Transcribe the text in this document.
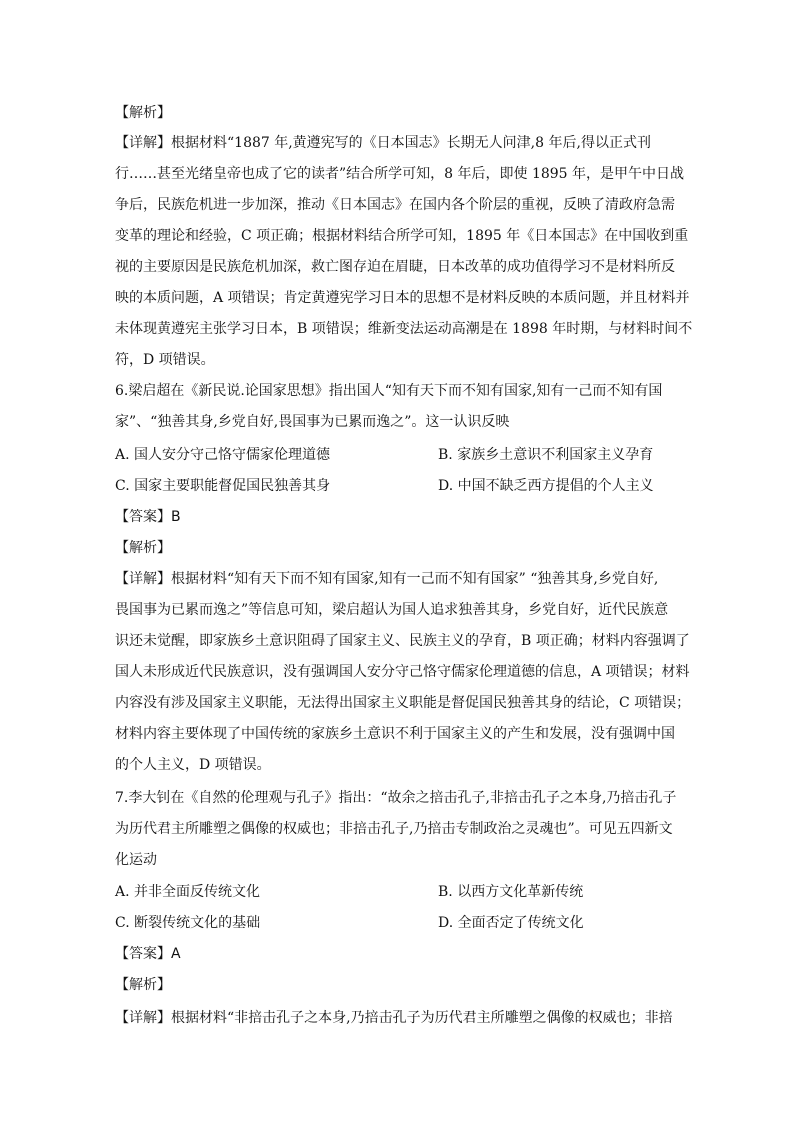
【解析】
【详解】根据材料“1887 年,黄遵宪写的《日本国志》长期无人问津,8 年后,得以正式刊
行……甚至光绪皇帝也成了它的读者”结合所学可知，8 年后，即使 1895 年，是甲午中日战
争后，民族危机进一步加深，推动《日本国志》在国内各个阶层的重视，反映了清政府急需
变革的理论和经验，C 项正确；根据材料结合所学可知，1895 年《日本国志》在中国收到重
视的主要原因是民族危机加深，救亡图存迫在眉睫，日本改革的成功值得学习不是材料所反
映的本质问题，A 项错误；肯定黄遵宪学习日本的思想不是材料反映的本质问题，并且材料并
未体现黄遵宪主张学习日本，B 项错误；维新变法运动高潮是在 1898 年时期，与材料时间不
符，D 项错误。
6.梁启超在《新民说.论国家思想》指出国人“知有天下而不知有国家,知有一己而不知有国
家”、“独善其身,乡党自好,畏国事为已累而逸之”。这一认识反映
A. 国人安分守己恪守儒家伦理道德	B. 家族乡土意识不利国家主义孕育
C. 国家主要职能督促国民独善其身	D. 中国不缺乏西方提倡的个人主义
【答案】B
【解析】
【详解】根据材料“知有天下而不知有国家,知有一己而不知有国家” “独善其身,乡党自好,
畏国事为已累而逸之”等信息可知，梁启超认为国人追求独善其身，乡党自好，近代民族意
识还未觉醒，即家族乡土意识阻碍了国家主义、民族主义的孕育，B 项正确；材料内容强调了
国人未形成近代民族意识，没有强调国人安分守己恪守儒家伦理道德的信息，A 项错误；材料
内容没有涉及国家主义职能，无法得出国家主义职能是督促国民独善其身的结论，C 项错误；
材料内容主要体现了中国传统的家族乡土意识不利于国家主义的产生和发展，没有强调中国
的个人主义，D 项错误。
7.李大钊在《自然的伦理观与孔子》指出：“故余之掊击孔子,非掊击孔子之本身,乃掊击孔子
为历代君主所雕塑之偶像的权威也；非掊击孔子,乃掊击专制政治之灵魂也”。可见五四新文
化运动
A. 并非全面反传统文化	B. 以西方文化革新传统
C. 断裂传统文化的基础	D. 全面否定了传统文化
【答案】A
【解析】
【详解】根据材料“非掊击孔子之本身,乃掊击孔子为历代君主所雕塑之偶像的权威也；非掊
